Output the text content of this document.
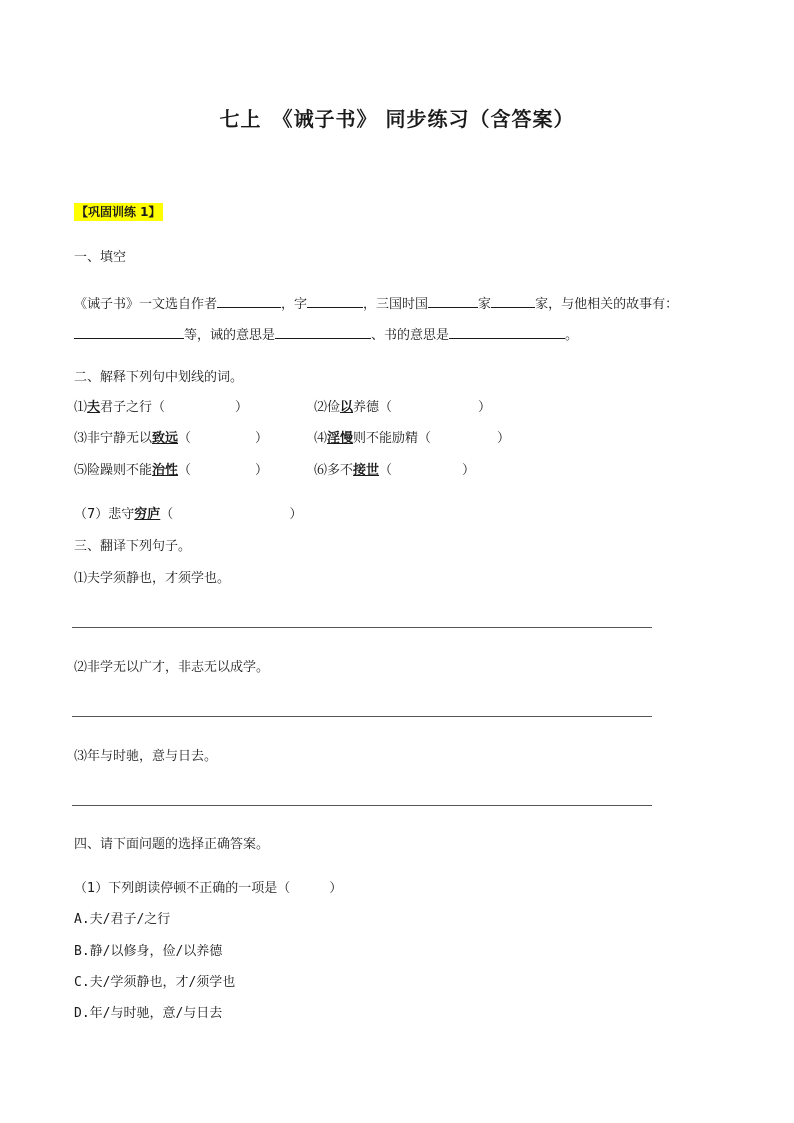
七上　《诫子书》 同步练习（含答案）
【巩固训练 1】
一、填空
《诫子书》一文选自作者	，字	，三国时国	家	家，与他相关的故事有：
等，诫的意思是	、书的意思是	。
二、解释下列句中划线的词。
⑴夫君子之行（	）	⑵俭以养德（	）
⑶非宁静无以致远（	）	⑷淫慢则不能励精（	）
⑸险躁则不能治性（	）	⑹多不接世（	）
（7）悲守穷庐（	）
三、翻译下列句子。
⑴夫学须静也，才须学也。
⑵非学无以广才，非志无以成学。
⑶年与时驰，意与日去。
四、请下面问题的选择正确答案。
（1）下列朗读停顿不正确的一项是（　　　）
A.夫/君子/之行
B.静/以修身，俭/以养德
C.夫/学须静也，才/须学也
D.年/与时驰，意/与日去
